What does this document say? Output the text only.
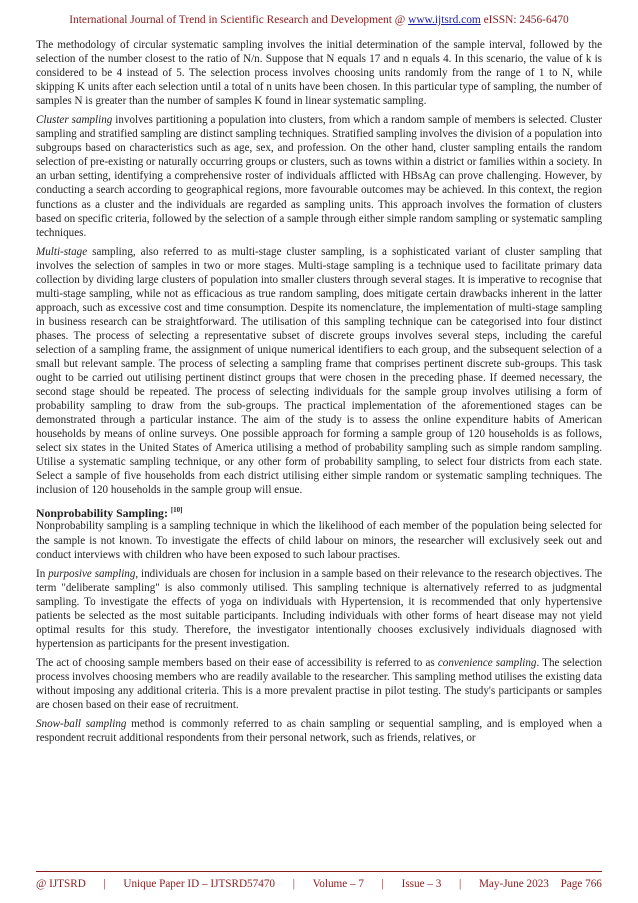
International Journal of Trend in Scientific Research and Development @ www.ijtsrd.com eISSN: 2456-6470

The methodology of circular systematic sampling involves the initial determination of the sample interval, followed by the selection of the number closest to the ratio of N/n. Suppose that N equals 17 and n equals 4. In this scenario, the value of k is considered to be 4 instead of 5. The selection process involves choosing units randomly from the range of 1 to N, while skipping K units after each selection until a total of n units have been chosen. In this particular type of sampling, the number of samples N is greater than the number of samples K found in linear systematic sampling.

Cluster sampling involves partitioning a population into clusters, from which a random sample of members is selected. Cluster sampling and stratified sampling are distinct sampling techniques. Stratified sampling involves the division of a population into subgroups based on characteristics such as age, sex, and profession. On the other hand, cluster sampling entails the random selection of pre-existing or naturally occurring groups or clusters, such as towns within a district or families within a society. In an urban setting, identifying a comprehensive roster of individuals afflicted with HBsAg can prove challenging. However, by conducting a search according to geographical regions, more favourable outcomes may be achieved. In this context, the region functions as a cluster and the individuals are regarded as sampling units. This approach involves the formation of clusters based on specific criteria, followed by the selection of a sample through either simple random sampling or systematic sampling techniques.

Multi-stage sampling, also referred to as multi-stage cluster sampling, is a sophisticated variant of cluster sampling that involves the selection of samples in two or more stages. Multi-stage sampling is a technique used to facilitate primary data collection by dividing large clusters of population into smaller clusters through several stages. It is imperative to recognise that multi-stage sampling, while not as efficacious as true random sampling, does mitigate certain drawbacks inherent in the latter approach, such as excessive cost and time consumption. Despite its nomenclature, the implementation of multi-stage sampling in business research can be straightforward. The utilisation of this sampling technique can be categorised into four distinct phases. The process of selecting a representative subset of discrete groups involves several steps, including the careful selection of a sampling frame, the assignment of unique numerical identifiers to each group, and the subsequent selection of a small but relevant sample. The process of selecting a sampling frame that comprises pertinent discrete sub-groups. This task ought to be carried out utilising pertinent distinct groups that were chosen in the preceding phase. If deemed necessary, the second stage should be repeated. The process of selecting individuals for the sample group involves utilising a form of probability sampling to draw from the sub-groups. The practical implementation of the aforementioned stages can be demonstrated through a particular instance. The aim of the study is to assess the online expenditure habits of American households by means of online surveys. One possible approach for forming a sample group of 120 households is as follows, select six states in the United States of America utilising a method of probability sampling such as simple random sampling. Utilise a systematic sampling technique, or any other form of probability sampling, to select four districts from each state. Select a sample of five households from each district utilising either simple random or systematic sampling techniques. The inclusion of 120 households in the sample group will ensue.

Nonprobability Sampling: [10]

Nonprobability sampling is a sampling technique in which the likelihood of each member of the population being selected for the sample is not known. To investigate the effects of child labour on minors, the researcher will exclusively seek out and conduct interviews with children who have been exposed to such labour practises.

In purposive sampling, individuals are chosen for inclusion in a sample based on their relevance to the research objectives. The term "deliberate sampling" is also commonly utilised. This sampling technique is alternatively referred to as judgmental sampling. To investigate the effects of yoga on individuals with Hypertension, it is recommended that only hypertensive patients be selected as the most suitable participants. Including individuals with other forms of heart disease may not yield optimal results for this study. Therefore, the investigator intentionally chooses exclusively individuals diagnosed with hypertension as participants for the present investigation.

The act of choosing sample members based on their ease of accessibility is referred to as convenience sampling. The selection process involves choosing members who are readily available to the researcher. This sampling method utilises the existing data without imposing any additional criteria. This is a more prevalent practise in pilot testing. The study's participants or samples are chosen based on their ease of recruitment.

Snow‐ball sampling method is commonly referred to as chain sampling or sequential sampling, and is employed when a respondent recruit additional respondents from their personal network, such as friends, relatives, or

@ IJTSRD | Unique Paper ID – IJTSRD57470 | Volume – 7 | Issue – 3 | May-June 2023 Page 766
